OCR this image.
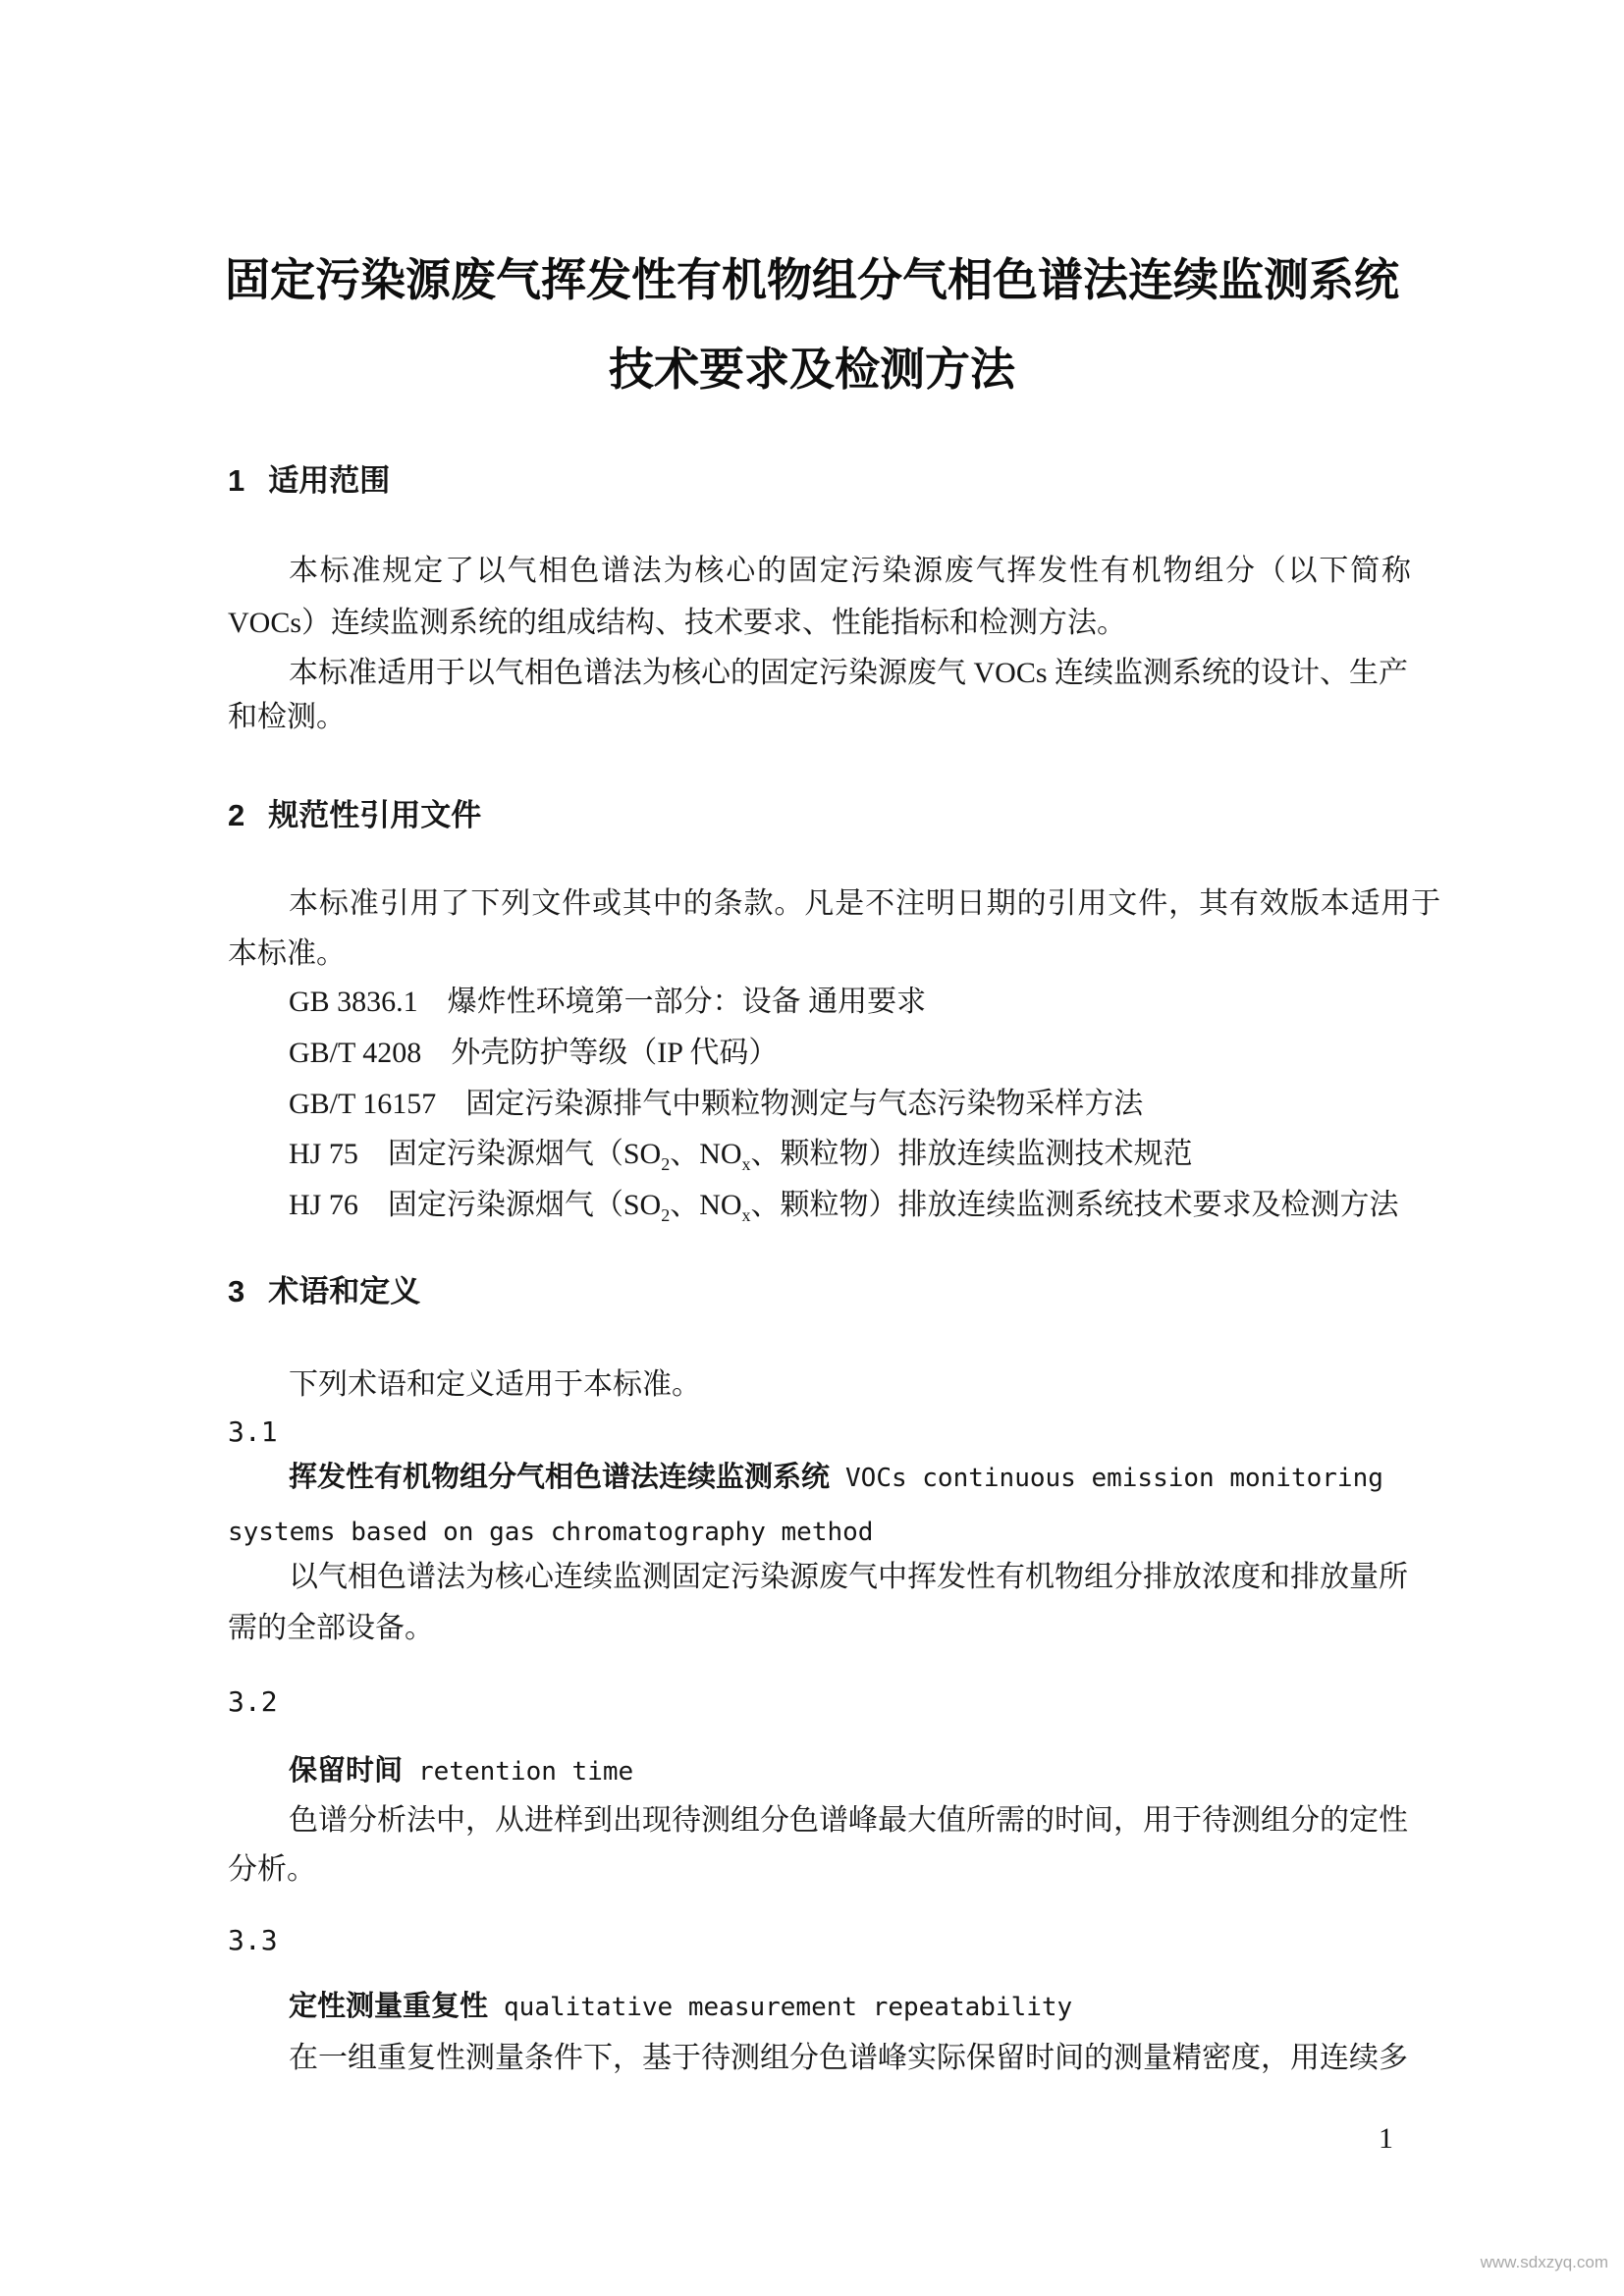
固定污染源废气挥发性有机物组分气相色谱法连续监测系统
技术要求及检测方法
1 适用范围
本标准规定了以气相色谱法为核心的固定污染源废气挥发性有机物组分（以下简称
VOCs）连续监测系统的组成结构、技术要求、性能指标和检测方法。
本标准适用于以气相色谱法为核心的固定污染源废气 VOCs 连续监测系统的设计、生产
和检测。
2 规范性引用文件
本标准引用了下列文件或其中的条款。凡是不注明日期的引用文件，其有效版本适用于
本标准。
GB 3836.1　爆炸性环境第一部分：设备 通用要求
GB/T 4208　外壳防护等级（IP 代码）
GB/T 16157　固定污染源排气中颗粒物测定与气态污染物采样方法
HJ 75　固定污染源烟气（$SO_2$、$NO_x$、颗粒物）排放连续监测技术规范
HJ 76　固定污染源烟气（$SO_2$、$NO_x$、颗粒物）排放连续监测系统技术要求及检测方法
3 术语和定义
下列术语和定义适用于本标准。
3.1
挥发性有机物组分气相色谱法连续监测系统 VOCs continuous emission monitoring
systems based on gas chromatography method
以气相色谱法为核心连续监测固定污染源废气中挥发性有机物组分排放浓度和排放量所
需的全部设备。
3.2
保留时间 retention time
色谱分析法中，从进样到出现待测组分色谱峰最大值所需的时间，用于待测组分的定性
分析。
3.3
定性测量重复性 qualitative measurement repeatability
在一组重复性测量条件下，基于待测组分色谱峰实际保留时间的测量精密度，用连续多
1
www.sdxzyq.com
